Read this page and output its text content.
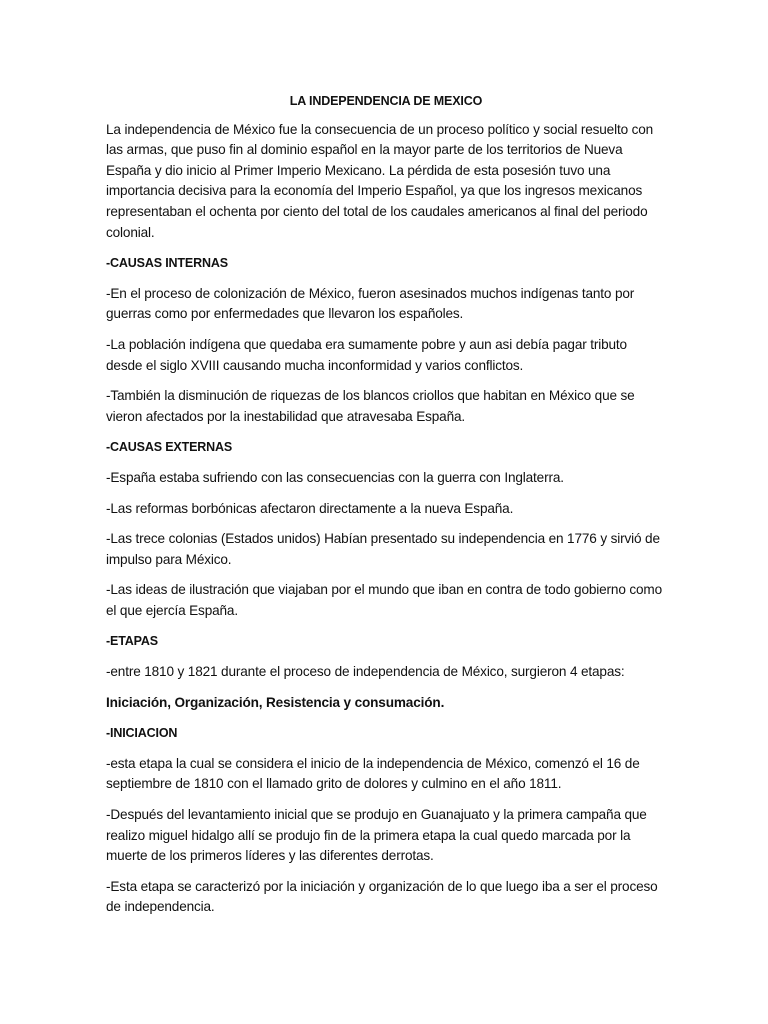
LA INDEPENDENCIA DE MEXICO

La independencia de México fue la consecuencia de un proceso político y social resuelto con las armas, que puso fin al dominio español en la mayor parte de los territorios de Nueva España y dio inicio al Primer Imperio Mexicano. La pérdida de esta posesión tuvo una importancia decisiva para la economía del Imperio Español, ya que los ingresos mexicanos representaban el ochenta por ciento del total de los caudales americanos al final del periodo colonial.

-CAUSAS INTERNAS

-En el proceso de colonización de México, fueron asesinados muchos indígenas tanto por guerras como por enfermedades que llevaron los españoles.

-La población indígena que quedaba era sumamente pobre y aun asi debía pagar tributo desde el siglo XVIII causando mucha inconformidad y varios conflictos.

-También la disminución de riquezas de los blancos criollos que habitan en México que se vieron afectados por la inestabilidad que atravesaba España.

-CAUSAS EXTERNAS

-España estaba sufriendo con las consecuencias con la guerra con Inglaterra.

-Las reformas borbónicas afectaron directamente a la nueva España.

-Las trece colonias (Estados unidos) Habían presentado su independencia en 1776 y sirvió de impulso para México.

-Las ideas de ilustración que viajaban por el mundo que iban en contra de todo gobierno como el que ejercía España.

-ETAPAS

-entre 1810 y 1821 durante el proceso de independencia de México, surgieron 4 etapas:

Iniciación, Organización, Resistencia y consumación.

-INICIACION

-esta etapa la cual se considera el inicio de la independencia de México, comenzó el 16 de septiembre de 1810 con el llamado grito de dolores y culmino en el año 1811.

-Después del levantamiento inicial que se produjo en Guanajuato y la primera campaña que realizo miguel hidalgo allí se produjo fin de la primera etapa la cual quedo marcada por la muerte de los primeros líderes y las diferentes derrotas.

-Esta etapa se caracterizó por la iniciación y organización de lo que luego iba a ser el proceso de independencia.
